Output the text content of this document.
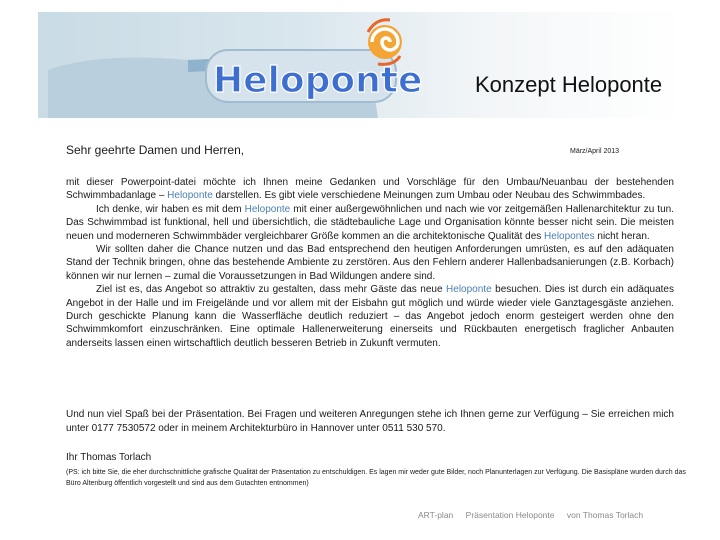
Heloponte Konzept Heloponte
Sehr geehrte Damen und Herren,	März/April 2013

mit dieser Powerpoint-datei möchte ich Ihnen meine Gedanken und Vorschläge für den Umbau/Neuanbau der bestehenden Schwimmbadanlage – Heloponte darstellen. Es gibt viele verschiedene Meinungen zum Umbau oder Neubau des Schwimmbades.

Ich denke, wir haben es mit dem Heloponte mit einer außergewöhnlichen und nach wie vor zeitgemäßen Hallenarchitektur zu tun. Das Schwimmbad ist funktional, hell und übersichtlich, die städtebauliche Lage und Organisation könnte besser nicht sein. Die meisten neuen und moderneren Schwimmbäder vergleichbarer Größe kommen an die architektonische Qualität des Helopontes nicht heran.

Wir sollten daher die Chance nutzen und das Bad entsprechend den heutigen Anforderungen umrüsten, es auf den adäquaten Stand der Technik bringen, ohne das bestehende Ambiente zu zerstören. Aus den Fehlern anderer Hallenbadsanierungen (z.B. Korbach) können wir nur lernen – zumal die Voraussetzungen in Bad Wildungen andere sind.

Ziel ist es, das Angebot so attraktiv zu gestalten, dass mehr Gäste das neue Heloponte besuchen. Dies ist durch ein adäquates Angebot in der Halle und im Freigelände und vor allem mit der Eisbahn gut möglich und würde wieder viele Ganztagesgäste anziehen. Durch geschickte Planung kann die Wasserfläche deutlich reduziert – das Angebot jedoch enorm gesteigert werden ohne den Schwimmkomfort einzuschränken. Eine optimale Hallenerweiterung einerseits und Rückbauten energetisch fraglicher Anbauten anderseits lassen einen wirtschaftlich deutlich besseren Betrieb in Zukunft vermuten.

Und nun viel Spaß bei der Präsentation. Bei Fragen und weiteren Anregungen stehe ich Ihnen gerne zur Verfügung – Sie erreichen mich unter 0177 7530572 oder in meinem Architekturbüro in Hannover unter 0511 530 570.

Ihr Thomas Torlach
(PS: ich bitte Sie, die eher durchschnittliche grafische Qualität der Präsentation zu entschuldigen. Es lagen mir weder gute Bilder, noch Planunterlagen zur Verfügung. Die Basispläne wurden durch das Büro Altenburg öffentlich vorgestellt und sind aus dem Gutachten entnommen)
ART-plan Präsentation Heloponte von Thomas Torlach
